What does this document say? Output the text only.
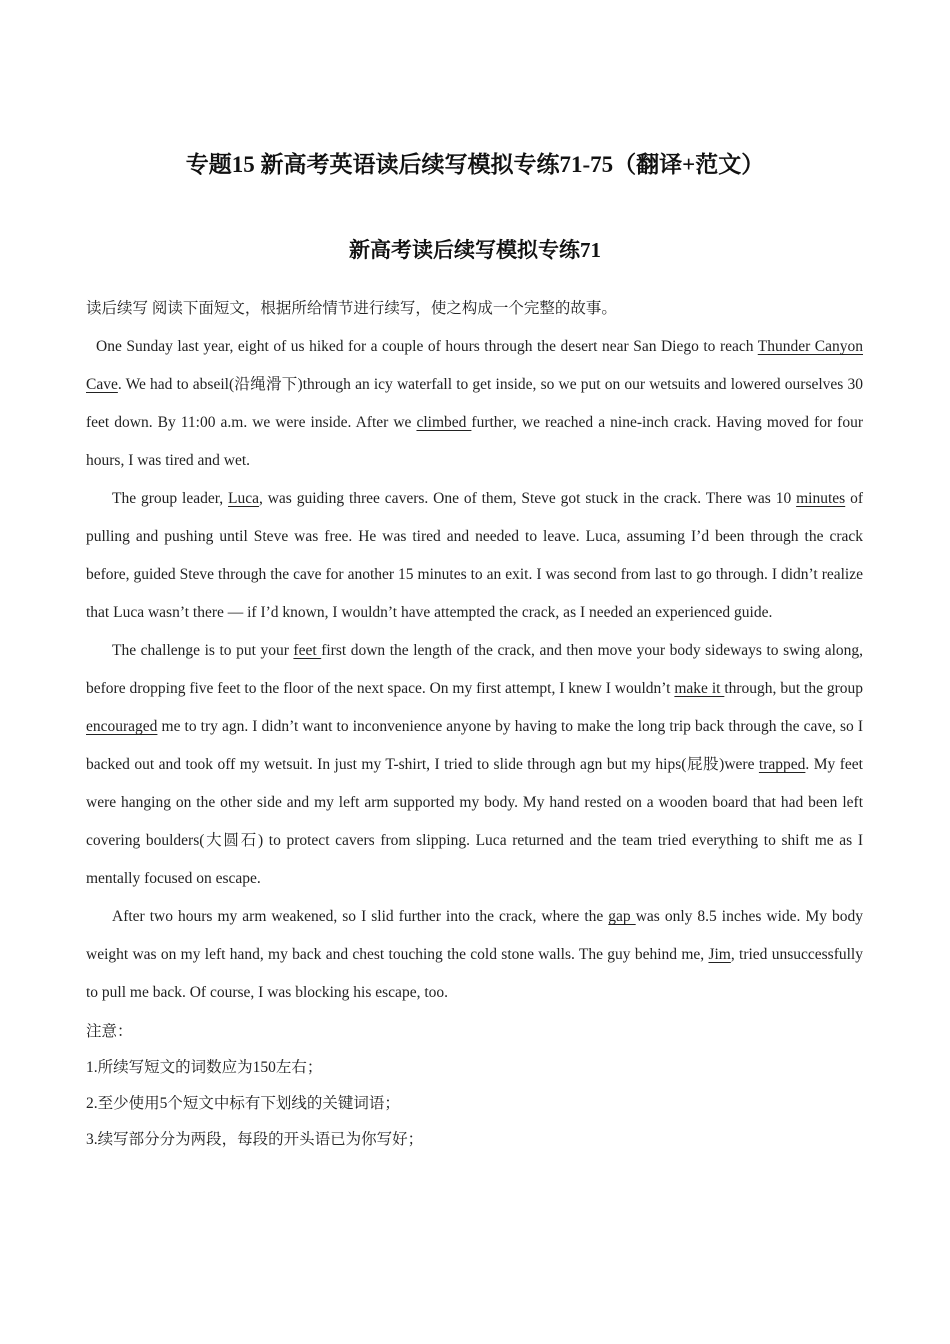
专题15 新高考英语读后续写模拟专练71-75（翻译+范文）
新高考读后续写模拟专练71

读后续写 阅读下面短文，根据所给情节进行续写，使之构成一个完整的故事。

One Sunday last year, eight of us hiked for a couple of hours through the desert near San Diego to reach Thunder Canyon Cave. We had to abseil(沿绳滑下)through an icy waterfall to get inside, so we put on our wetsuits and lowered ourselves 30 feet down. By 11:00 a.m. we were inside. After we climbed further, we reached a nine-inch crack. Having moved for four hours, I was tired and wet.

The group leader, Luca, was guiding three cavers. One of them, Steve got stuck in the crack. There was 10 minutes of pulling and pushing until Steve was free. He was tired and needed to leave. Luca, assuming I’d been through the crack before, guided Steve through the cave for another 15 minutes to an exit. I was second from last to go through. I didn’t realize that Luca wasn’t there — if I’d known, I wouldn’t have attempted the crack, as I needed an experienced guide.

The challenge is to put your feet first down the length of the crack, and then move your body sideways to swing along, before dropping five feet to the floor of the next space. On my first attempt, I knew I wouldn’t make it through, but the group encouraged me to try agn. I didn’t want to inconvenience anyone by having to make the long trip back through the cave, so I backed out and took off my wetsuit. In just my T-shirt, I tried to slide through agn but my hips(屁股)were trapped. My feet were hanging on the other side and my left arm supported my body. My hand rested on a wooden board that had been left covering boulders(大圆石) to protect cavers from slipping. Luca returned and the team tried everything to shift me as I mentally focused on escape.

After two hours my arm weakened, so I slid further into the crack, where the gap was only 8.5 inches wide. My body weight was on my left hand, my back and chest touching the cold stone walls. The guy behind me, Jim, tried unsuccessfully to pull me back. Of course, I was blocking his escape, too.

注意：

1.所续写短文的词数应为150左右；

2.至少使用5个短文中标有下划线的关键词语；

3.续写部分分为两段，每段的开头语已为你写好；
